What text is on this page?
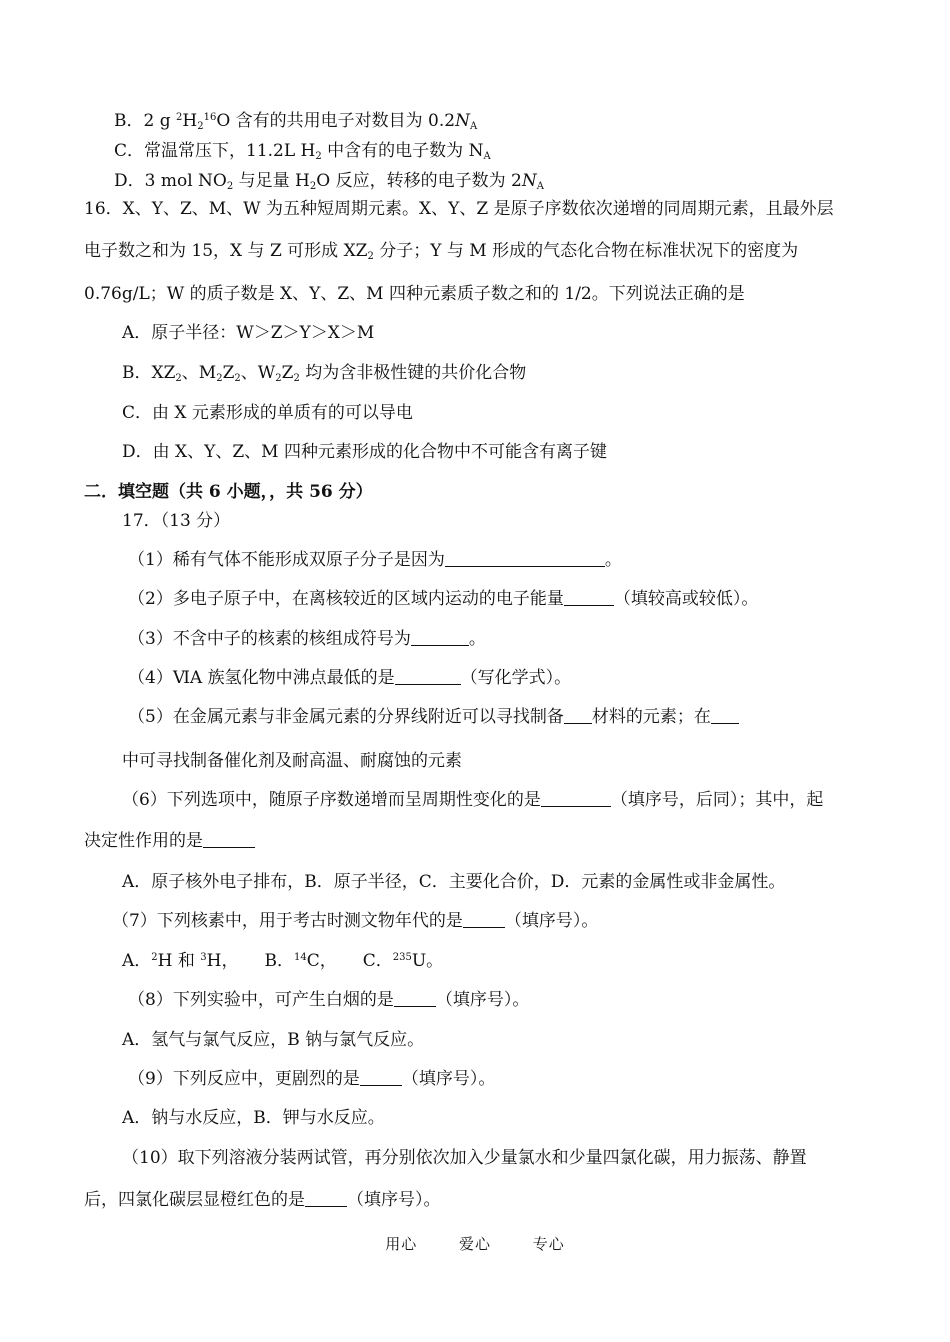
B．2 g $^2H_2^{16}O$ 含有的共用电子对数目为 $0.2N_A$
C．常温常压下，11.2L $H_2$ 中含有的电子数为 $N_A$
D．3 mol $NO_2$ 与足量 $H_2O$ 反应，转移的电子数为 $2N_A$
16．X、Y、Z、M、W 为五种短周期元素。X、Y、Z 是原子序数依次递增的同周期元素，且最外层
电子数之和为 15，X 与 Z 可形成 $XZ_2$ 分子；Y 与 M 形成的气态化合物在标准状况下的密度为
0.76g/L；W 的质子数是 X、Y、Z、M 四种元素质子数之和的 1/2。下列说法正确的是
A．原子半径：W＞Z＞Y＞X＞M
B．$XZ_2$、$M_2Z_2$、$W_2Z_2$ 均为含非极性键的共价化合物
C．由 X 元素形成的单质有的可以导电
D．由 X、Y、Z、M 四种元素形成的化合物中不可能含有离子键
二．填空题（共 6 小题，，共 56 分）
17．（13 分）
（1）稀有气体不能形成双原子分子是因为	。
（2）多电子原子中，在离核较近的区域内运动的电子能量	（填较高或较低）。
（3）不含中子的核素的核组成符号为	。
（4）ⅥA 族氢化物中沸点最低的是	（写化学式）。
（5）在金属元素与非金属元素的分界线附近可以寻找制备 材料的元素；在
中可寻找制备催化剂及耐高温、耐腐蚀的元素
（6）下列选项中，随原子序数递增而呈周期性变化的是	（填序号，后同）；其中，起
决定性作用的是
A．原子核外电子排布，B．原子半径，C．主要化合价，D．元素的金属性或非金属性。
（7）下列核素中，用于考古时测文物年代的是 （填序号）。
A．$^2$H 和 $^3$H， B．$^{14}$C， C．$^{235}$U。
（8）下列实验中，可产生白烟的是 （填序号）。
A．氢气与氯气反应，B 钠与氯气反应。
（9）下列反应中，更剧烈的是 （填序号）。
A．钠与水反应，B．钾与水反应。
（10）取下列溶液分装两试管，再分别依次加入少量氯水和少量四氯化碳，用力振荡、静置
后，四氯化碳层显橙红色的是 （填序号）。
用心	爱心	专心
